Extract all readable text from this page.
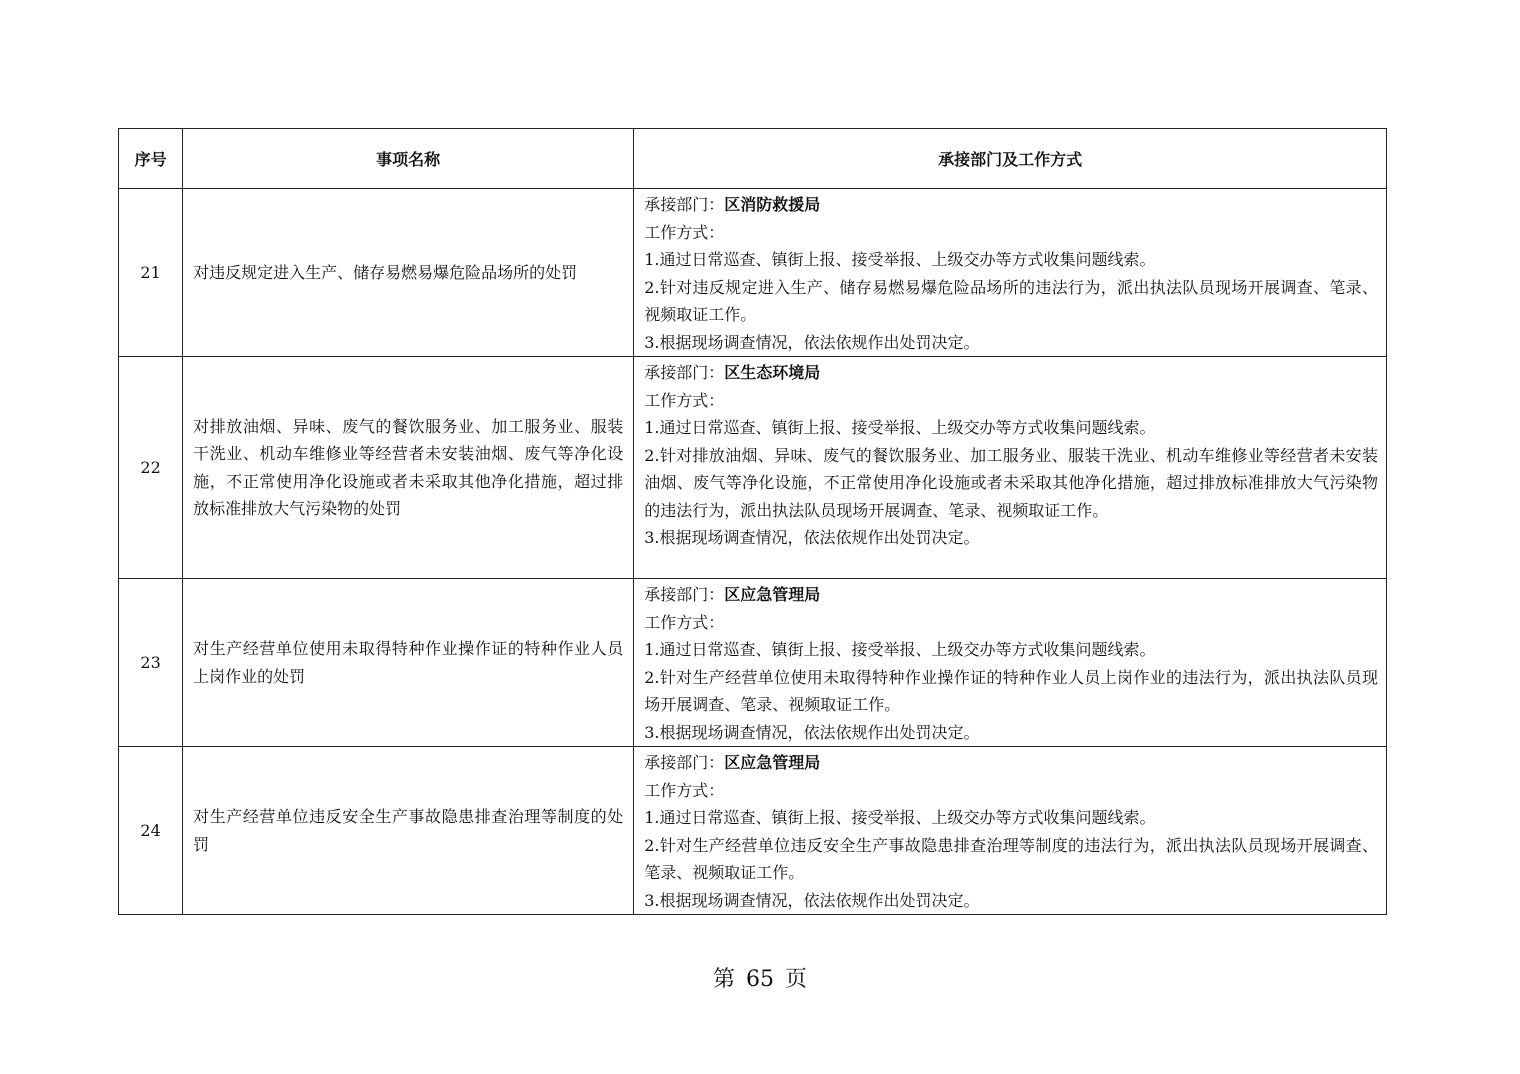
序号	事项名称	承接部门及工作方式
21	对违反规定进入生产、储存易燃易爆危险品场所的处罚	承接部门：区消防救援局
工作方式：
1.通过日常巡查、镇街上报、接受举报、上级交办等方式收集问题线索。
2.针对违反规定进入生产、储存易燃易爆危险品场所的违法行为，派出执法队员现场开展调查、笔录、视频取证工作。
3.根据现场调查情况，依法依规作出处罚决定。

22	对排放油烟、异味、废气的餐饮服务业、加工服务业、服装干洗业、机动车维修业等经营者未安装油烟、废气等净化设施，不正常使用净化设施或者未采取其他净化措施，超过排放标准排放大气污染物的处罚	承接部门：区生态环境局
工作方式：
1.通过日常巡查、镇街上报、接受举报、上级交办等方式收集问题线索。
2.针对排放油烟、异味、废气的餐饮服务业、加工服务业、服装干洗业、机动车维修业等经营者未安装油烟、废气等净化设施，不正常使用净化设施或者未采取其他净化措施，超过排放标准排放大气污染物的违法行为，派出执法队员现场开展调查、笔录、视频取证工作。
3.根据现场调查情况，依法依规作出处罚决定。

23	对生产经营单位使用未取得特种作业操作证的特种作业人员上岗作业的处罚	承接部门：区应急管理局
工作方式：
1.通过日常巡查、镇街上报、接受举报、上级交办等方式收集问题线索。
2.针对生产经营单位使用未取得特种作业操作证的特种作业人员上岗作业的违法行为，派出执法队员现场开展调查、笔录、视频取证工作。
3.根据现场调查情况，依法依规作出处罚决定。

24	对生产经营单位违反安全生产事故隐患排查治理等制度的处罚	承接部门：区应急管理局
工作方式：
1.通过日常巡查、镇街上报、接受举报、上级交办等方式收集问题线索。
2.针对生产经营单位违反安全生产事故隐患排查治理等制度的违法行为，派出执法队员现场开展调查、笔录、视频取证工作。
3.根据现场调查情况，依法依规作出处罚决定。
第 65 页
